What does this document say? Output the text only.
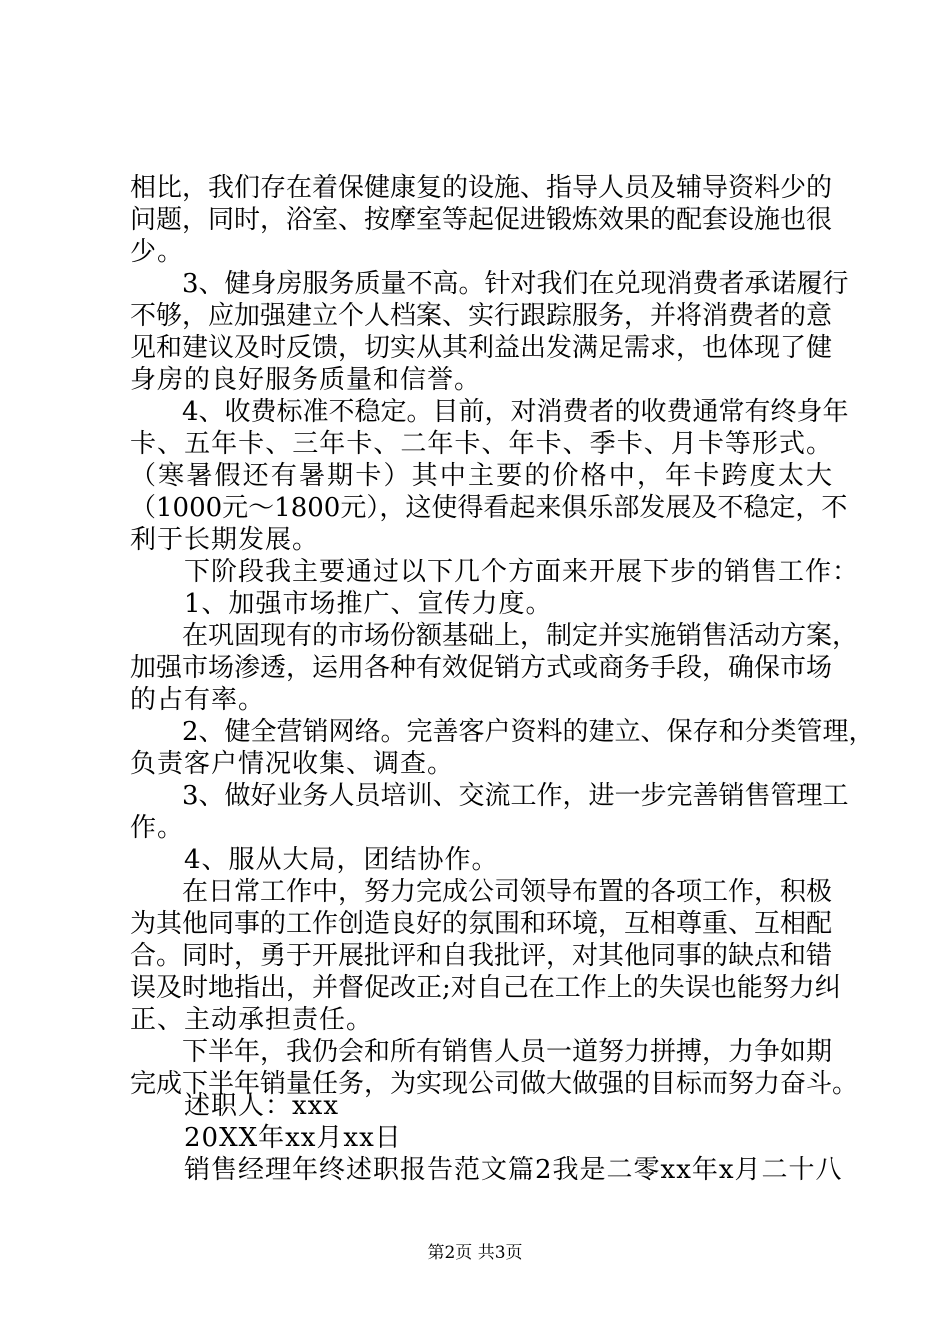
相比，我们存在着保健康复的设施、指导人员及辅导资料少的
问题，同时，浴室、按摩室等起促进锻炼效果的配套设施也很
少。
　　3、健身房服务质量不高。针对我们在兑现消费者承诺履行
不够，应加强建立个人档案、实行跟踪服务，并将消费者的意
见和建议及时反馈，切实从其利益出发满足需求，也体现了健
身房的良好服务质量和信誉。
　　4、收费标准不稳定。目前，对消费者的收费通常有终身年
卡、五年卡、三年卡、二年卡、年卡、季卡、月卡等形式。
（寒暑假还有暑期卡）其中主要的价格中，年卡跨度太大
（1000元～1800元），这使得看起来俱乐部发展及不稳定，不
利于长期发展。
　　下阶段我主要通过以下几个方面来开展下步的销售工作：
　　1、加强市场推广、宣传力度。
　　在巩固现有的市场份额基础上，制定并实施销售活动方案，
加强市场渗透，运用各种有效促销方式或商务手段，确保市场
的占有率。
　　2、健全营销网络。完善客户资料的建立、保存和分类管理，
负责客户情况收集、调查。
　　3、做好业务人员培训、交流工作，进一步完善销售管理工
作。
　　4、服从大局，团结协作。
　　在日常工作中，努力完成公司领导布置的各项工作，积极
为其他同事的工作创造良好的氛围和环境，互相尊重、互相配
合。同时，勇于开展批评和自我批评，对其他同事的缺点和错
误及时地指出，并督促改正;对自己在工作上的失误也能努力纠
正、主动承担责任。
　　下半年，我仍会和所有销售人员一道努力拼搏，力争如期
完成下半年销量任务，为实现公司做大做强的目标而努力奋斗。
　　述职人：xxx
　　20XX年xx月xx日
　　销售经理年终述职报告范文篇2我是二零xx年x月二十八
第2页 共3页
